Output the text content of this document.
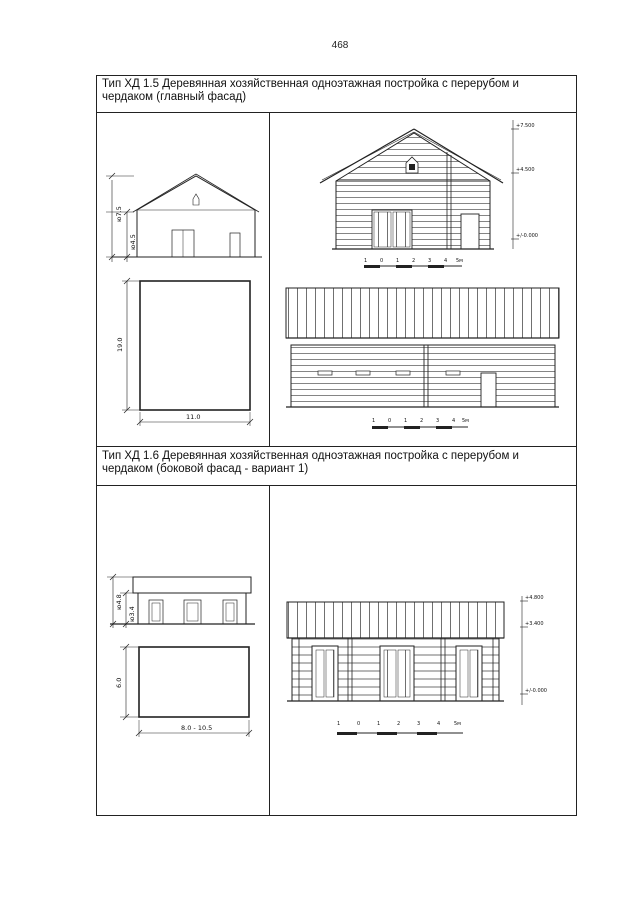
468
Тип ХД 1.5 Деревянная хозяйственная одноэтажная постройка с перерубом и чердаком (главный фасад)
Тип ХД 1.6 Деревянная хозяйственная одноэтажная постройка с перерубом и чердаком (боковой фасад - вариант 1)
ю7.5
ю4.5
19.0
11.0
+7.500
+4.500
+/-0.000
1	0	1	2	3	4 5м
1	0	1	2	3	4 5м
ю4.8
ю3.4
6.0
8.0 - 10.5
+4.800
+3.400
+/-0.000
1	0	1	2	3	4	5м
